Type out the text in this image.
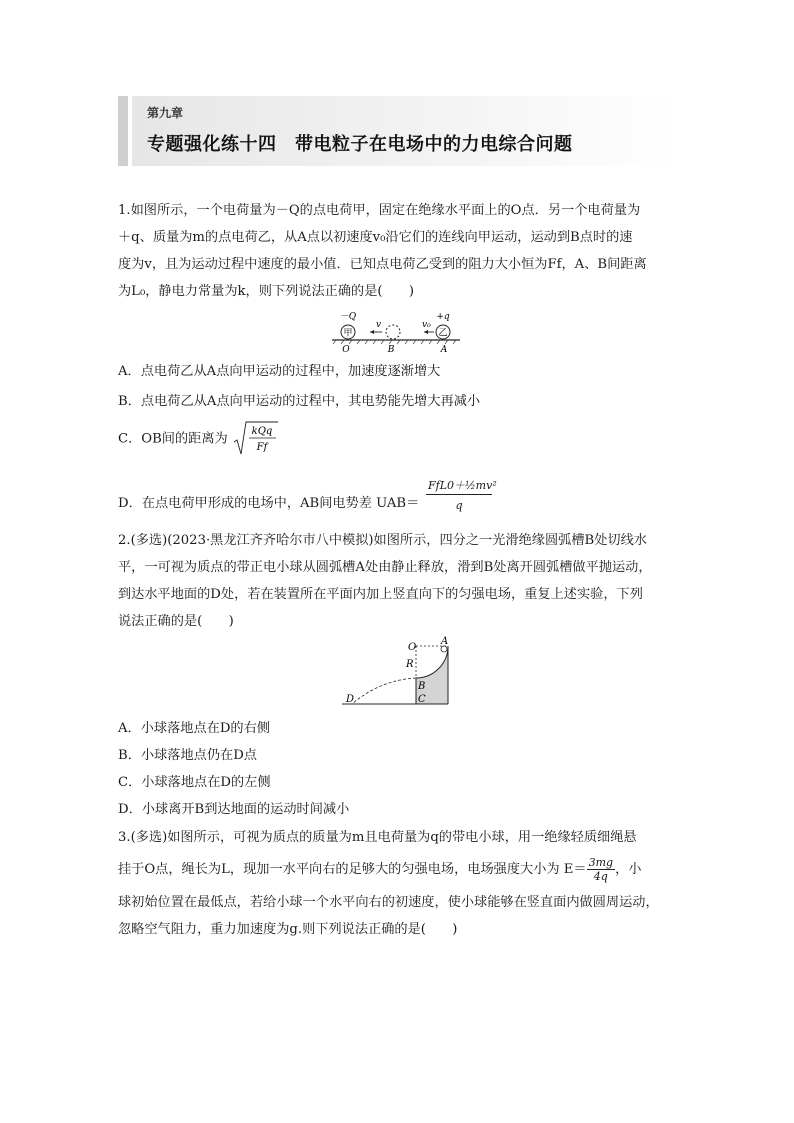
第九章
专题强化练十四　带电粒子在电场中的力电综合问题
1.如图所示，一个电荷量为－Q的点电荷甲，固定在绝缘水平面上的O点．另一个电荷量为
＋q、质量为m的点电荷乙，从A点以初速度v₀沿它们的连线向甲运动，运动到B点时的速
度为v，且为运动过程中速度的最小值．已知点电荷乙受到的阻力大小恒为Ff，A、B间距离
为L₀，静电力常量为k，则下列说法正确的是(　　)
甲
－Q
O
v
B
v₀
乙
+q
A
A．点电荷乙从A点向甲运动的过程中，加速度逐渐增大
B．点电荷乙从A点向甲运动的过程中，其电势能先增大再减小
C．OB间的距离为 kQq
Ff
$_{D.在点电荷甲形成的电场中,AB间电势差 UAB=}$
FfL0＋½mv²
q
2.(多选)(2023·黑龙江齐齐哈尔市八中模拟)如图所示，四分之一光滑绝缘圆弧槽B处切线水
平，一可视为质点的带正电小球从圆弧槽A处由静止释放，滑到B处离开圆弧槽做平抛运动，
到达水平地面的D处，若在装置所在平面内加上竖直向下的匀强电场，重复上述实验，下列
说法正确的是(　　)
O
A
R
B
C
D
A．小球落地点在D的右侧
B．小球落地点仍在D点
C．小球落地点在D的左侧
D．小球离开B到达地面的运动时间减小
3.(多选)如图所示，可视为质点的质量为m且电荷量为q的带电小球，用一绝缘轻质细绳悬
挂于O点，绳长为L，现加一水平向右的足够大的匀强电场，电场强度大小为 $E= \frac{3mg}{4q}$ ，小
球初始位置在最低点，若给小球一个水平向右的初速度，使小球能够在竖直面内做圆周运动，
忽略空气阻力，重力加速度为g.则下列说法正确的是(　　)
